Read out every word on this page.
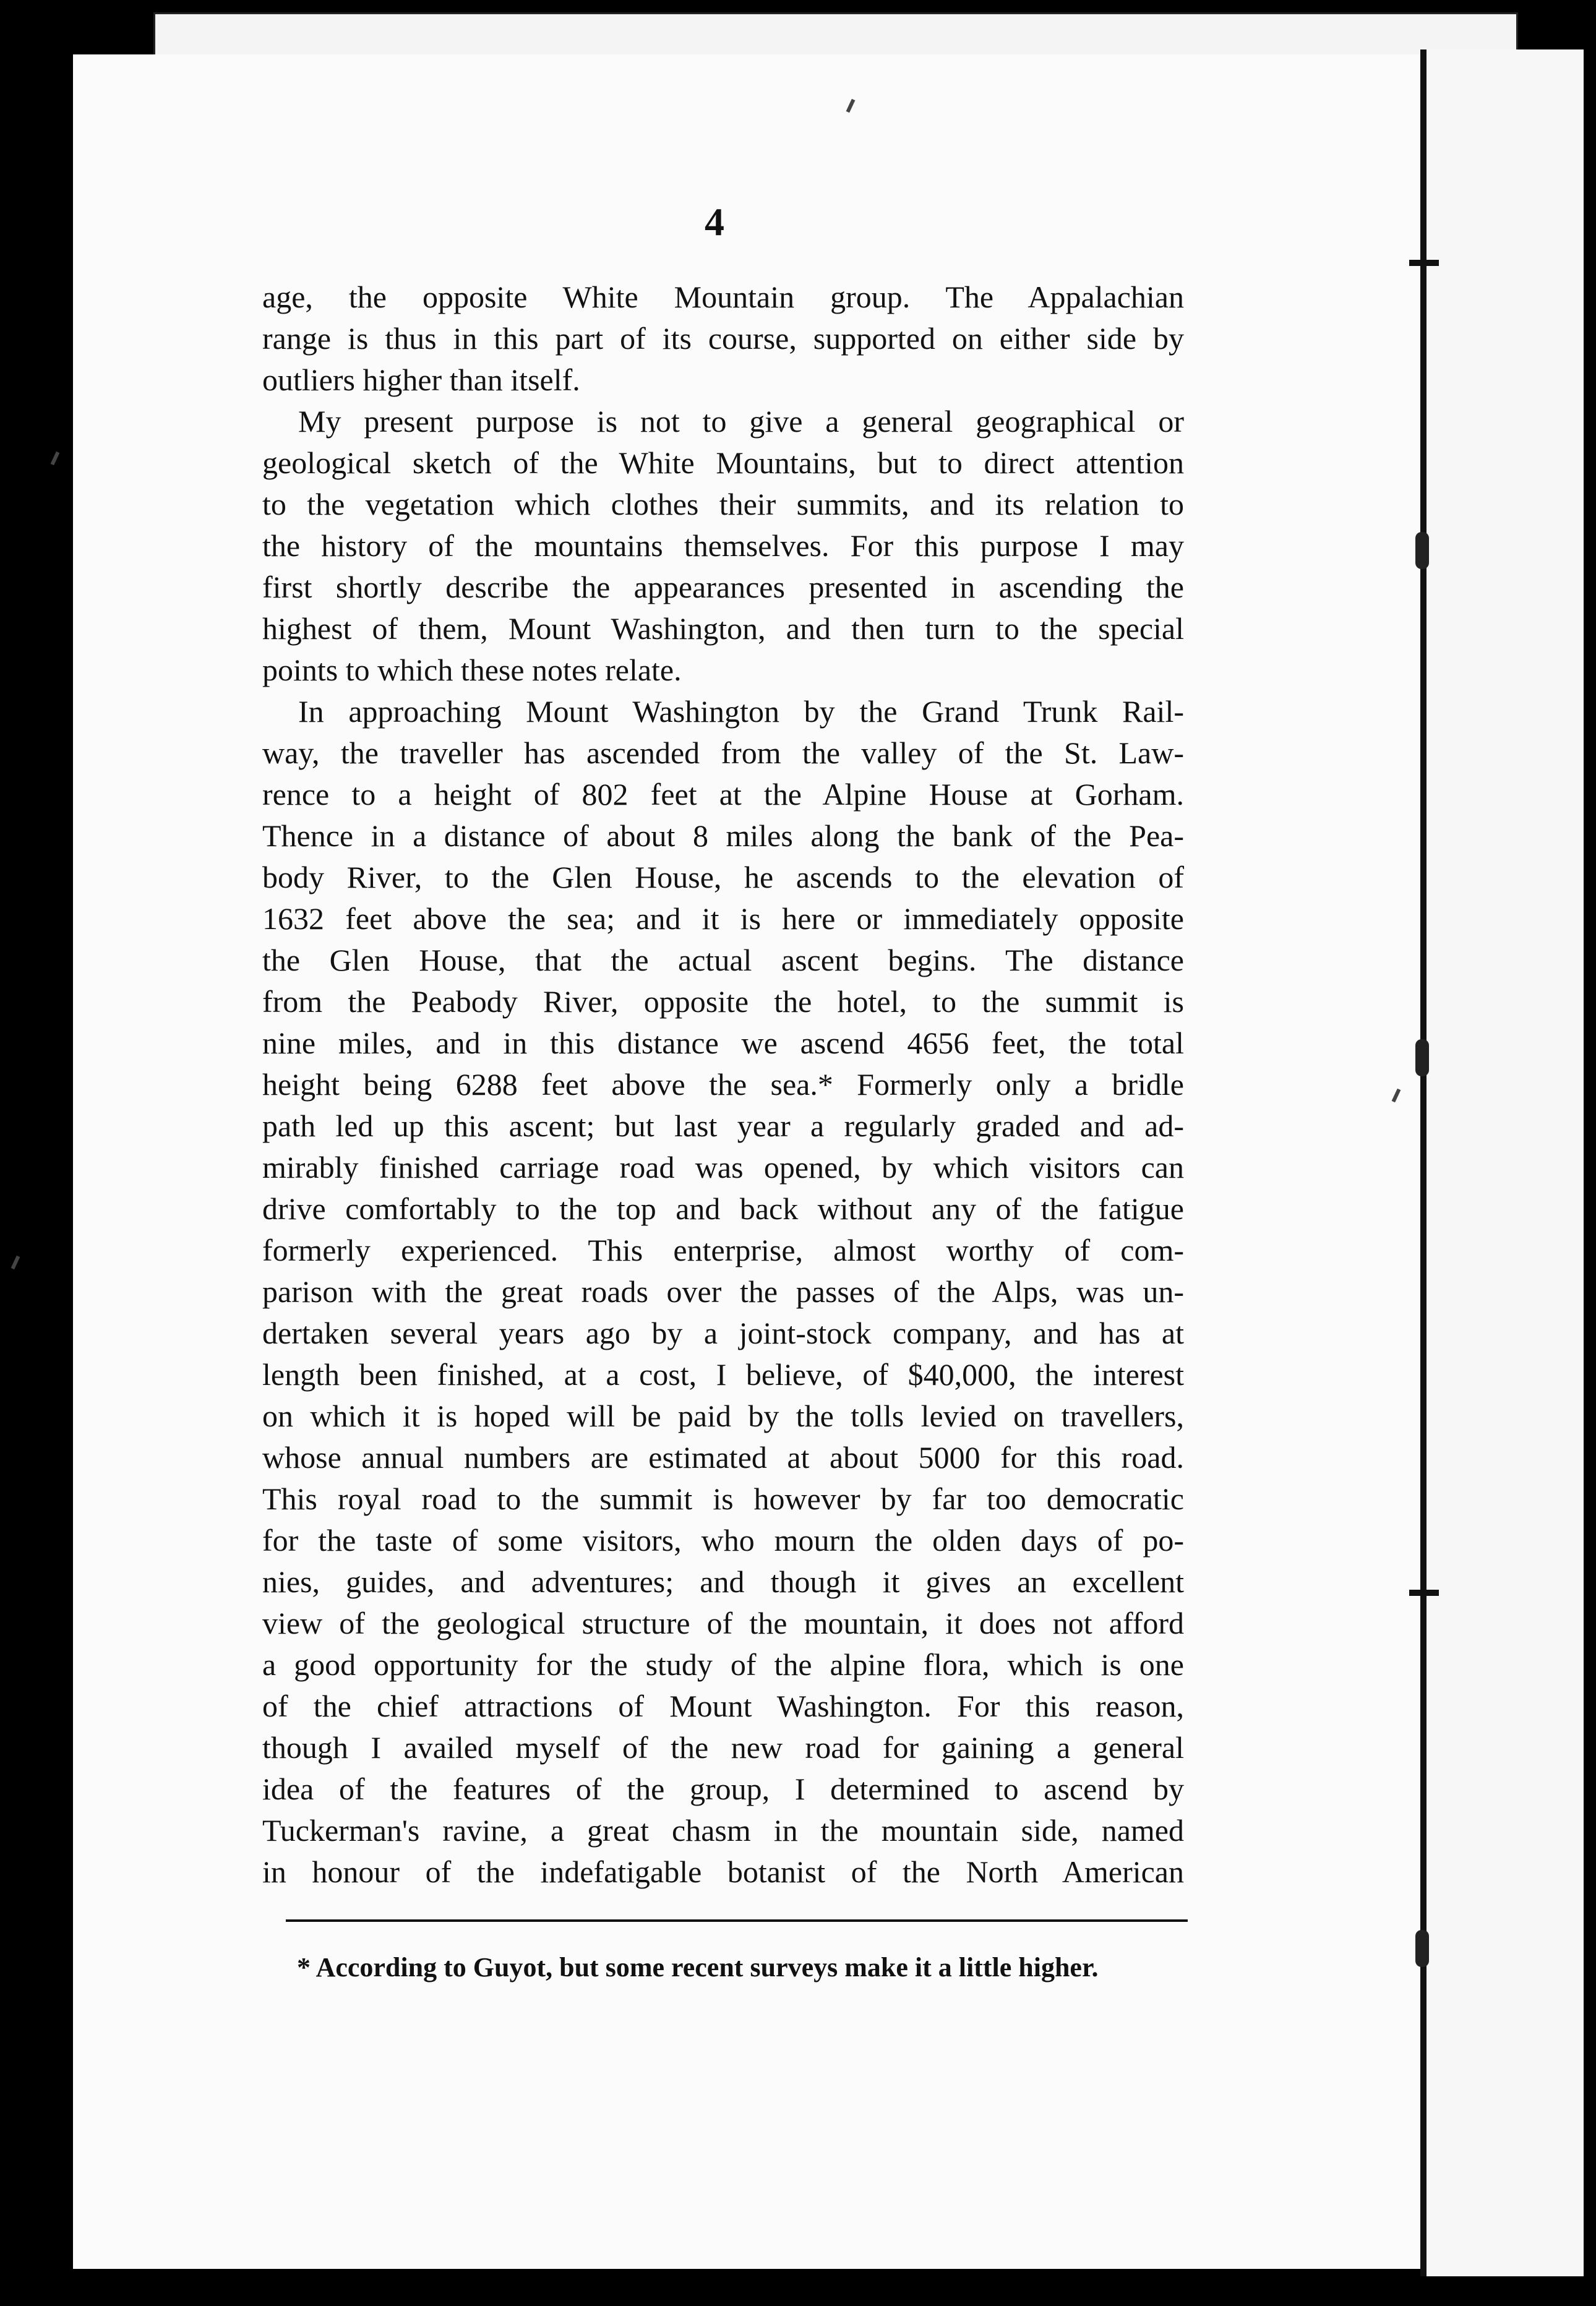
4
age, the opposite White Mountain group. The Appalachian
range is thus in this part of its course, supported on either side by
outliers higher than itself.
My present purpose is not to give a general geographical or
geological sketch of the White Mountains, but to direct attention
to the vegetation which clothes their summits, and its relation to
the history of the mountains themselves. For this purpose I may
first shortly describe the appearances presented in ascending the
highest of them, Mount Washington, and then turn to the special
points to which these notes relate.
In approaching Mount Washington by the Grand Trunk Rail-
way, the traveller has ascended from the valley of the St. Law-
rence to a height of 802 feet at the Alpine House at Gorham.
Thence in a distance of about 8 miles along the bank of the Pea-
body River, to the Glen House, he ascends to the elevation of
1632 feet above the sea; and it is here or immediately opposite
the Glen House, that the actual ascent begins. The distance
from the Peabody River, opposite the hotel, to the summit is
nine miles, and in this distance we ascend 4656 feet, the total
height being 6288 feet above the sea.* Formerly only a bridle
path led up this ascent; but last year a regularly graded and ad-
mirably finished carriage road was opened, by which visitors can
drive comfortably to the top and back without any of the fatigue
formerly experienced. This enterprise, almost worthy of com-
parison with the great roads over the passes of the Alps, was un-
dertaken several years ago by a joint-stock company, and has at
length been finished, at a cost, I believe, of $40,000, the interest
on which it is hoped will be paid by the tolls levied on travellers,
whose annual numbers are estimated at about 5000 for this road.
This royal road to the summit is however by far too democratic
for the taste of some visitors, who mourn the olden days of po-
nies, guides, and adventures; and though it gives an excellent
view of the geological structure of the mountain, it does not afford
a good opportunity for the study of the alpine flora, which is one
of the chief attractions of Mount Washington. For this reason,
though I availed myself of the new road for gaining a general
idea of the features of the group, I determined to ascend by
Tuckerman's ravine, a great chasm in the mountain side, named
in honour of the indefatigable botanist of the North American
* According to Guyot, but some recent surveys make it a little higher.
